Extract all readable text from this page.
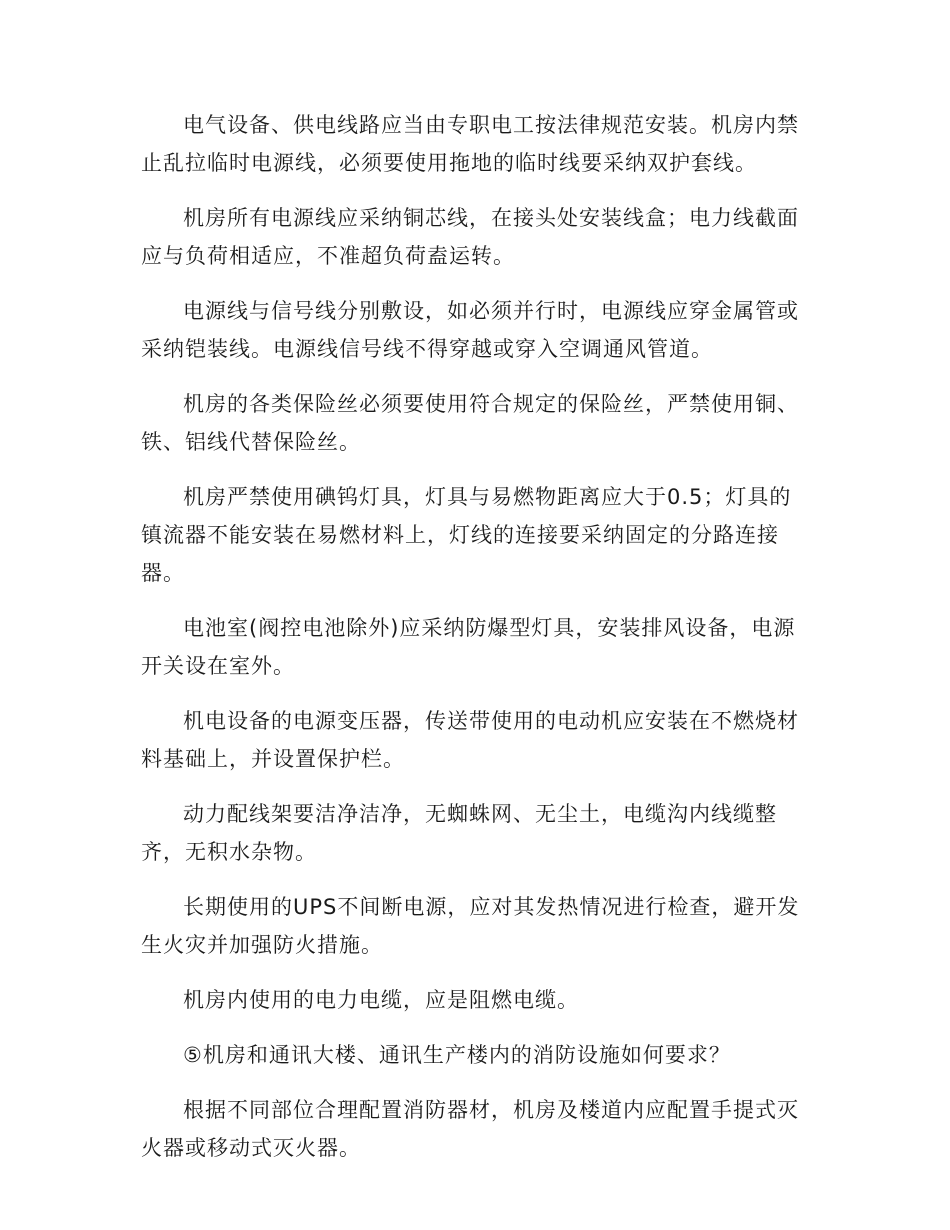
电气设备、供电线路应当由专职电工按法律规范安装。机房内禁止乱拉临时电源线，必须要使用拖地的临时线要采纳双护套线。

机房所有电源线应采纳铜芯线，在接头处安装线盒；电力线截面应与负荷相适应，不准超负荷盍运转。

电源线与信号线分别敷设，如必须并行时，电源线应穿金属管或采纳铠装线。电源线信号线不得穿越或穿入空调通风管道。

机房的各类保险丝必须要使用符合规定的保险丝，严禁使用铜、铁、铝线代替保险丝。

机房严禁使用碘钨灯具，灯具与易燃物距离应大于0.5；灯具的镇流器不能安装在易燃材料上，灯线的连接要采纳固定的分路连接器。

电池室(阀控电池除外)应采纳防爆型灯具，安装排风设备，电源开关设在室外。

机电设备的电源变压器，传送带使用的电动机应安装在不燃烧材料基础上，并设置保护栏。

动力配线架要洁净洁净，无蜘蛛网、无尘土，电缆沟内线缆整齐，无积水杂物。

长期使用的UPS不间断电源，应对其发热情况进行检查，避开发生火灾并加强防火措施。

机房内使用的电力电缆，应是阻燃电缆。

⑤机房和通讯大楼、通讯生产楼内的消防设施如何要求？

根据不同部位合理配置消防器材，机房及楼道内应配置手提式灭火器或移动式灭火器。
